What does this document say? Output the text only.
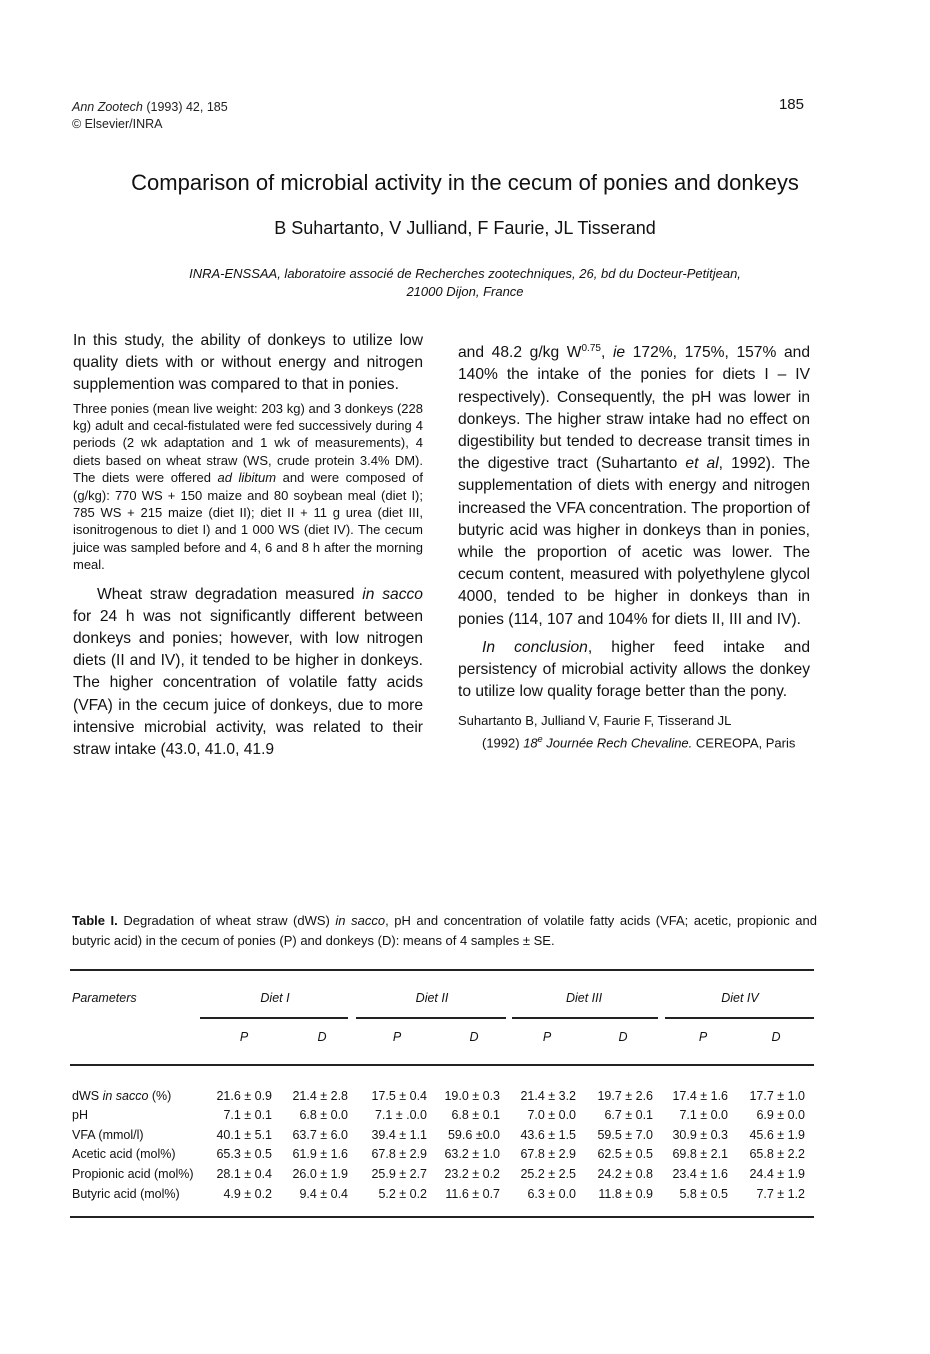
Ann Zootech (1993) 42, 185
© Elsevier/INRA
185
Comparison of microbial activity in the cecum of ponies and donkeys
B Suhartanto, V Julliand, F Faurie, JL Tisserand
INRA-ENSSAA, laboratoire associé de Recherches zootechniques, 26, bd du Docteur-Petitjean,
21000 Dijon, France

In this study, the ability of donkeys to utilize low quality diets with or without energy and nitrogen supplemention was compared to that in ponies.

Three ponies (mean live weight: 203 kg) and 3 donkeys (228 kg) adult and cecal-fistulated were fed successively during 4 periods (2 wk adaptation and 1 wk of measurements), 4 diets based on wheat straw (WS, crude protein 3.4% DM). The diets were offered ad libitum and were composed of (g/kg): 770 WS + 150 maize and 80 soybean meal (diet I); 785 WS + 215 maize (diet II); diet II + 11 g urea (diet III, isonitrogenous to diet I) and 1 000 WS (diet IV). The cecum juice was sampled before and 4, 6 and 8 h after the morning meal.

Wheat straw degradation measured in sacco for 24 h was not significantly different between donkeys and ponies; however, with low nitrogen diets (II and IV), it tended to be higher in donkeys. The higher concentration of volatile fatty acids (VFA) in the cecum juice of donkeys, due to more intensive microbial activity, was related to their straw intake (43.0, 41.0, 41.9

and 48.2 g/kg $W^{0.75}$, ie 172%, 175%, 157% and 140% the intake of the ponies for diets I – IV respectively). Consequently, the pH was lower in donkeys. The higher straw intake had no effect on digestibility but tended to decrease transit times in the digestive tract (Suhartanto et al, 1992). The supplementation of diets with energy and nitrogen increased the VFA concentration. The proportion of butyric acid was higher in donkeys than in ponies, while the proportion of acetic was lower. The cecum content, measured with polyethylene glycol 4000, tended to be higher in donkeys than in ponies (114, 107 and 104% for diets II, III and IV).

In conclusion, higher feed intake and persistency of microbial activity allows the donkey to utilize low quality forage better than the pony.

Suhartanto B, Julliand V, Faurie F, Tisserand JL
(1992) 18e Journée Rech Chevaline. CEREOPA, Paris

Table I. Degradation of wheat straw (dWS) in sacco, pH and concentration of volatile fatty acids (VFA; acetic, propionic and butyric acid) in the cecum of ponies (P) and donkeys (D): means of 4 samples ± SE.
Parameters	Diet I	Diet II	Diet III	Diet IV
P	D	P	D	P	D	P	D
dWS in sacco (%)	21.6 ± 0.9	21.4 ± 2.8	17.5 ± 0.4	19.0 ± 0.3	21.4 ± 3.2	19.7 ± 2.6	17.4 ± 1.6	17.7 ± 1.0
pH	7.1 ± 0.1	6.8 ± 0.0	7.1 ± .0.0	6.8 ± 0.1	7.0 ± 0.0	6.7 ± 0.1	7.1 ± 0.0	6.9 ± 0.0
VFA (mmol/l)	40.1 ± 5.1	63.7 ± 6.0	39.4 ± 1.1	59.6 ±0.0	43.6 ± 1.5	59.5 ± 7.0	30.9 ± 0.3	45.6 ± 1.9
Acetic acid (mol%)	65.3 ± 0.5	61.9 ± 1.6	67.8 ± 2.9	63.2 ± 1.0	67.8 ± 2.9	62.5 ± 0.5	69.8 ± 2.1	65.8 ± 2.2
Propionic acid (mol%)	28.1 ± 0.4	26.0 ± 1.9	25.9 ± 2.7	23.2 ± 0.2	25.2 ± 2.5	24.2 ± 0.8	23.4 ± 1.6	24.4 ± 1.9
Butyric acid (mol%)	4.9 ± 0.2	9.4 ± 0.4	5.2 ± 0.2	11.6 ± 0.7	6.3 ± 0.0	11.8 ± 0.9	5.8 ± 0.5	7.7 ± 1.2
